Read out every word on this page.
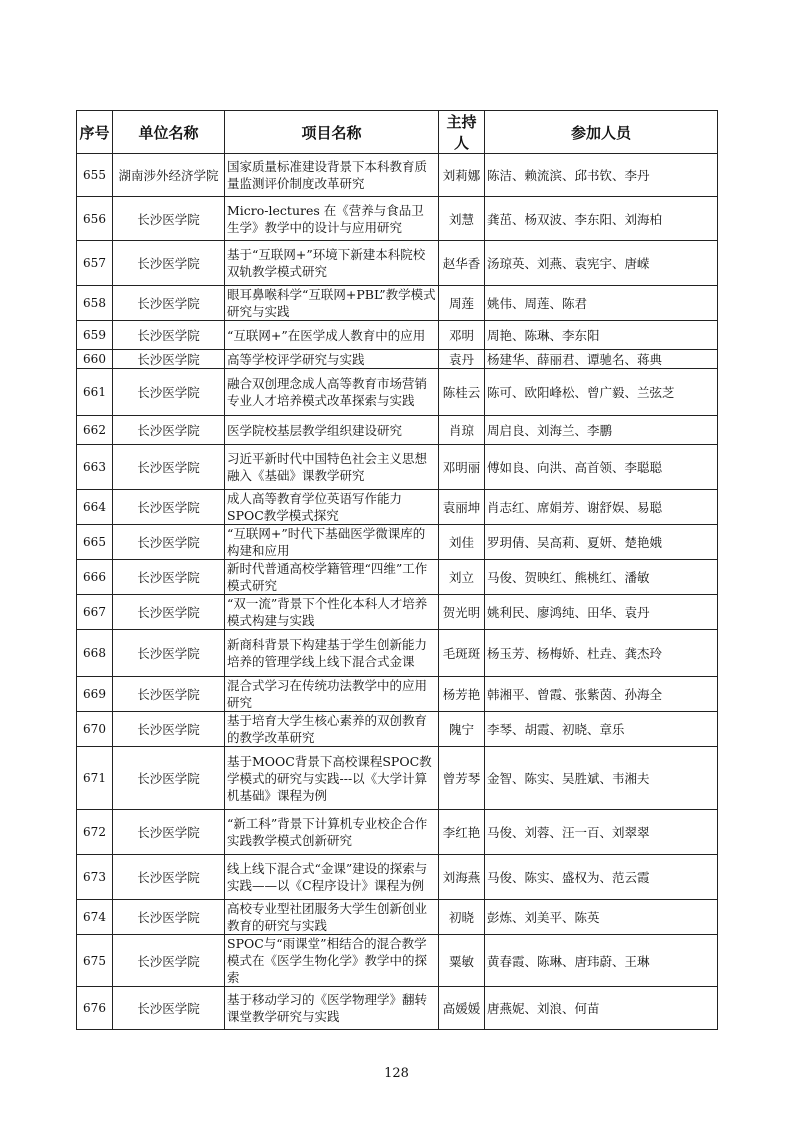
序号	单位名称	项目名称	主持人	参加人员
655	湖南涉外经济学院	国家质量标准建设背景下本科教育质量监测评价制度改革研究	刘莉娜	陈洁、赖流滨、邱书钦、李丹
656	长沙医学院	Micro-lectures 在《营养与食品卫生学》教学中的设计与应用研究	刘慧	龚茁、杨双波、李东阳、刘海柏
657	长沙医学院	基于“互联网+”环境下新建本科院校双轨教学模式研究	赵华香	汤琼英、刘燕、袁宪宇、唐嵘
658	长沙医学院	眼耳鼻喉科学“互联网+PBL”教学模式研究与实践	周莲	姚伟、周莲、陈君
659	长沙医学院	“互联网+”在医学成人教育中的应用	邓明	周艳、陈琳、李东阳
660	长沙医学院	高等学校评学研究与实践	袁丹	杨建华、薛丽君、谭驰名、蒋典
661	长沙医学院	融合双创理念成人高等教育市场营销专业人才培养模式改革探索与实践	陈桂云	陈可、欧阳峰松、曾广毅、兰弦芝
662	长沙医学院	医学院校基层教学组织建设研究	肖琼	周启良、刘海兰、李鹏
663	长沙医学院	习近平新时代中国特色社会主义思想融入《基础》课教学研究	邓明丽	傅如良、向洪、高首领、李聪聪
664	长沙医学院	成人高等教育学位英语写作能力SPOC教学模式探究	袁丽坤	肖志红、席娟芳、谢舒娱、易聪
665	长沙医学院	“互联网+”时代下基础医学微课库的构建和应用	刘佳	罗玥倩、吴高莉、夏妍、楚艳娥
666	长沙医学院	新时代普通高校学籍管理“四维”工作模式研究	刘立	马俊、贺映红、熊桃红、潘敏
667	长沙医学院	“双一流”背景下个性化本科人才培养模式构建与实践	贺光明	姚利民、廖鸿纯、田华、袁丹
668	长沙医学院	新商科背景下构建基于学生创新能力培养的管理学线上线下混合式金课	毛斑斑	杨玉芳、杨梅娇、杜垚、龚杰玲
669	长沙医学院	混合式学习在传统功法教学中的应用研究	杨芳艳	韩湘平、曾霞、张紫茵、孙海全
670	长沙医学院	基于培育大学生核心素养的双创教育的教学改革研究	隗宁	李琴、胡霞、初晓、章乐
671	长沙医学院	基于MOOC背景下高校课程SPOC教学模式的研究与实践---以《大学计算机基础》课程为例	曾芳琴	金智、陈实、吴胜斌、韦湘夫
672	长沙医学院	“新工科”背景下计算机专业校企合作实践教学模式创新研究	李红艳	马俊、刘蓉、汪一百、刘翠翠
673	长沙医学院	线上线下混合式“金课”建设的探索与实践——以《C程序设计》课程为例	刘海燕	马俊、陈实、盛权为、范云霞
674	长沙医学院	高校专业型社团服务大学生创新创业教育的研究与实践	初晓	彭炼、刘美平、陈英
675	长沙医学院	SPOC与“雨课堂”相结合的混合教学模式在《医学生物化学》教学中的探索	粟敏	黄春霞、陈琳、唐玮蔚、王琳
676	长沙医学院	基于移动学习的《医学物理学》翻转课堂教学研究与实践	高媛媛	唐燕妮、刘浪、何苗
128
